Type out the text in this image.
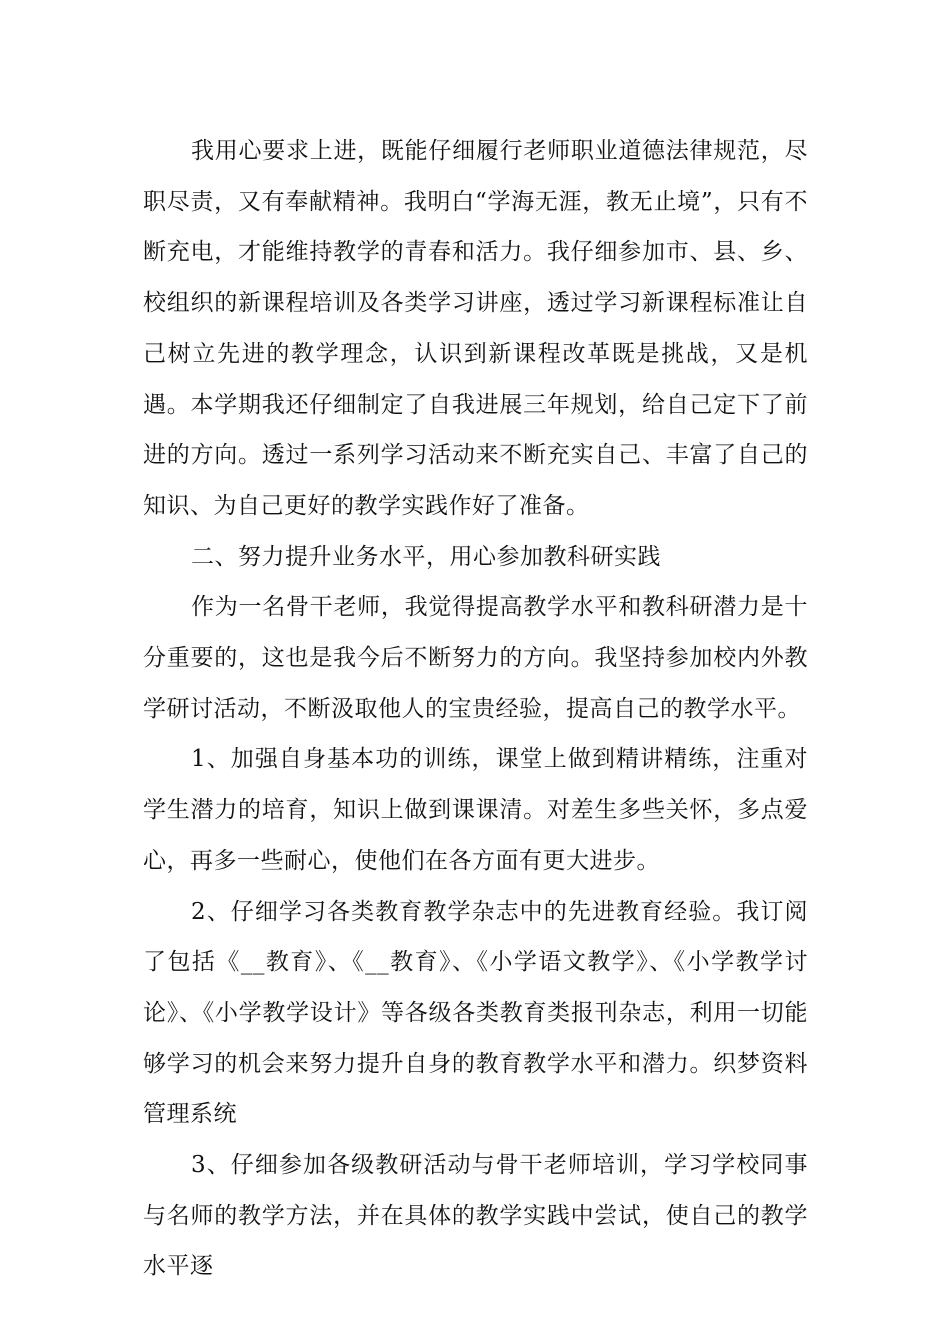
我用心要求上进，既能仔细履行老师职业道德法律规范，尽职尽责，又有奉献精神。我明白“学海无涯，教无止境”，只有不断充电，才能维持教学的青春和活力。我仔细参加市、县、乡、校组织的新课程培训及各类学习讲座，透过学习新课程标准让自己树立先进的教学理念，认识到新课程改革既是挑战，又是机遇。本学期我还仔细制定了自我进展三年规划，给自己定下了前进的方向。透过一系列学习活动来不断充实自己、丰富了自己的知识、为自己更好的教学实践作好了准备。

二、努力提升业务水平，用心参加教科研实践

作为一名骨干老师，我觉得提高教学水平和教科研潜力是十分重要的，这也是我今后不断努力的方向。我坚持参加校内外教学研讨活动，不断汲取他人的宝贵经验，提高自己的教学水平。

1、加强自身基本功的训练，课堂上做到精讲精练，注重对学生潜力的培育，知识上做到课课清。对差生多些关怀，多点爱心，再多一些耐心，使他们在各方面有更大进步。

2、仔细学习各类教育教学杂志中的先进教育经验。我订阅了包括《__教育》、《__教育》、《小学语文教学》、《小学教学讨论》、《小学教学设计》等各级各类教育类报刊杂志，利用一切能够学习的机会来努力提升自身的教育教学水平和潜力。织梦资料管理系统

3、仔细参加各级教研活动与骨干老师培训，学习学校同事与名师的教学方法，并在具体的教学实践中尝试，使自己的教学水平逐
